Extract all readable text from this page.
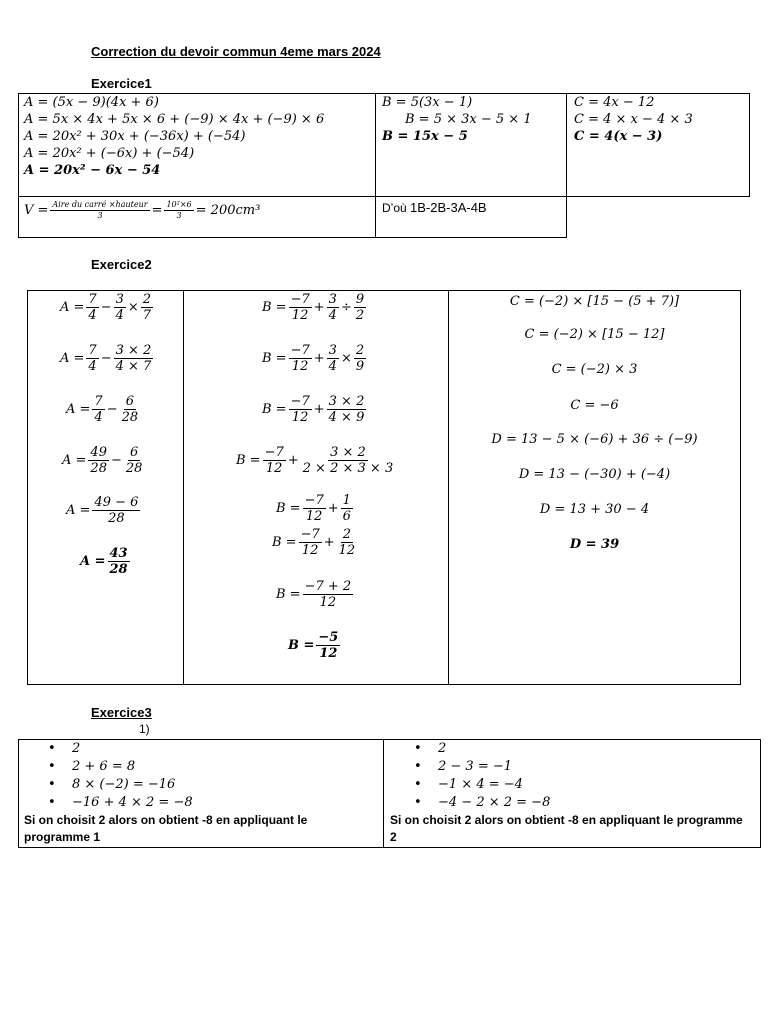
Correction du devoir commun 4eme mars 2024
Exercice1
A = (5x − 9)(4x + 6)
A = 5x × 4x + 5x × 6 + (−9) × 4x + (−9) × 6
A = 20x² + 30x + (−36x) + (−54)
A = 20x² + (−6x) + (−54)
A = 20x² − 6x − 54
B = 5(3x − 1)
B = 5 × 3x − 5 × 1
B = 15x − 5
C = 4x − 12
C = 4 × x − 4 × 3
C = 4(x − 3)
$V = \frac{\text{Aire du carré ×hauteur}}{3} = \frac{\text{10²×6}}{3} = 200cm^3$	D’où 1B-2B-3A-4B
Exercice2
$A = \frac{7}{4} - \frac{3}{4} \times \frac{2}{7}$
$A = \frac{7}{4} - \frac{3 \times 2}{4 \times 7}$
$A = \frac{7}{4} - \frac{6}{28}$
$A = \frac{49}{28} - \frac{6}{28}$
$A = \frac{49 - 6}{28}$
$A = \frac{43}{28}$
$B = \frac{-7}{12} + \frac{3}{4} \div \frac{9}{2}$
$B = \frac{-7}{12} + \frac{3}{4} \times \frac{2}{9}$
$B = \frac{-7}{12} + \frac{3 \times 2}{4 \times 9}$
$B = \frac{-7}{12} + \frac{3 \times 2}{2 \times 2 \times 3 \times 3}$
$B = \frac{-7}{12} + \frac{1}{6}$
$B = \frac{-7}{12} + \frac{2}{12}$
$B = \frac{-7 + 2}{12}$
$B = \frac{-5}{12}$
C = (−2) × [15 − (5 + 7)]
C = (−2) × [15 − 12]
C = (−2) × 3
C = −6
D = 13 − 5 × (−6) + 36 ÷ (−9)
D = 13 − (−30) + (−4)
D = 13 + 30 − 4
D = 39
Exercice3
1)
• 2
• 2 + 6 = 8
• 8 × (−2) = −16
• −16 + 4 × 2 = −8
Si on choisit 2 alors on obtient -8 en appliquant le programme 1
• 2
• 2 − 3 = −1
• −1 × 4 = −4
• −4 − 2 × 2 = −8
Si on choisit 2 alors on obtient -8 en appliquant le programme 2
